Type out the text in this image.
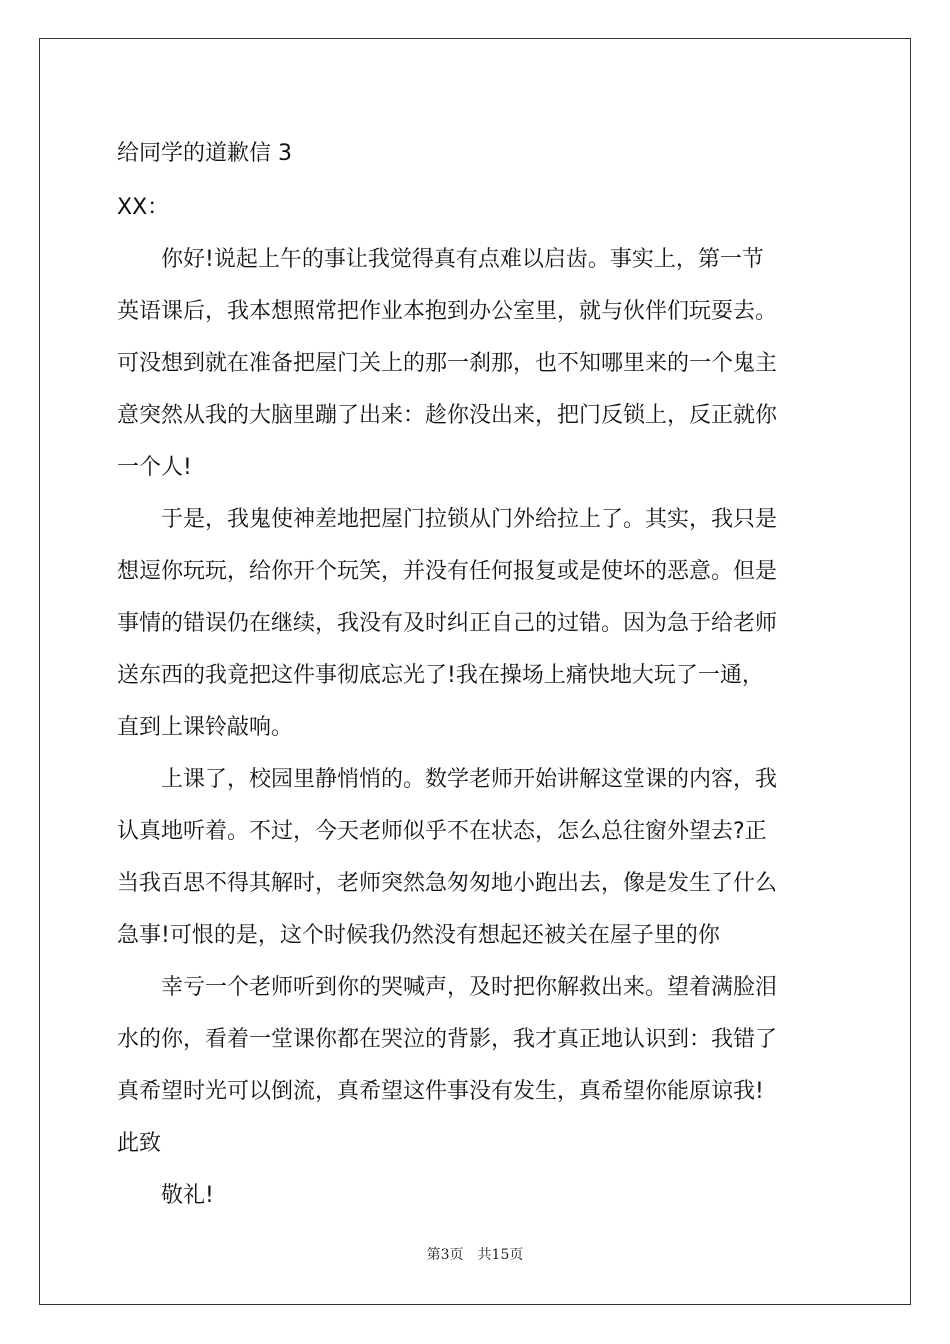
给同学的道歉信 3
XX：
　　你好!说起上午的事让我觉得真有点难以启齿。事实上，第一节
英语课后，我本想照常把作业本抱到办公室里，就与伙伴们玩耍去。
可没想到就在准备把屋门关上的那一刹那，也不知哪里来的一个鬼主
意突然从我的大脑里蹦了出来：趁你没出来，把门反锁上，反正就你
一个人!
　　于是，我鬼使神差地把屋门拉锁从门外给拉上了。其实，我只是
想逗你玩玩，给你开个玩笑，并没有任何报复或是使坏的恶意。但是
事情的错误仍在继续，我没有及时纠正自己的过错。因为急于给老师
送东西的我竟把这件事彻底忘光了!我在操场上痛快地大玩了一通，
直到上课铃敲响。
　　上课了，校园里静悄悄的。数学老师开始讲解这堂课的内容，我
认真地听着。不过，今天老师似乎不在状态，怎么总往窗外望去?正
当我百思不得其解时，老师突然急匆匆地小跑出去，像是发生了什么
急事!可恨的是，这个时候我仍然没有想起还被关在屋子里的你
　　幸亏一个老师听到你的哭喊声，及时把你解救出来。望着满脸泪
水的你，看着一堂课你都在哭泣的背影，我才真正地认识到：我错了
真希望时光可以倒流，真希望这件事没有发生，真希望你能原谅我!
此致
　　敬礼!
第3页 共15页
